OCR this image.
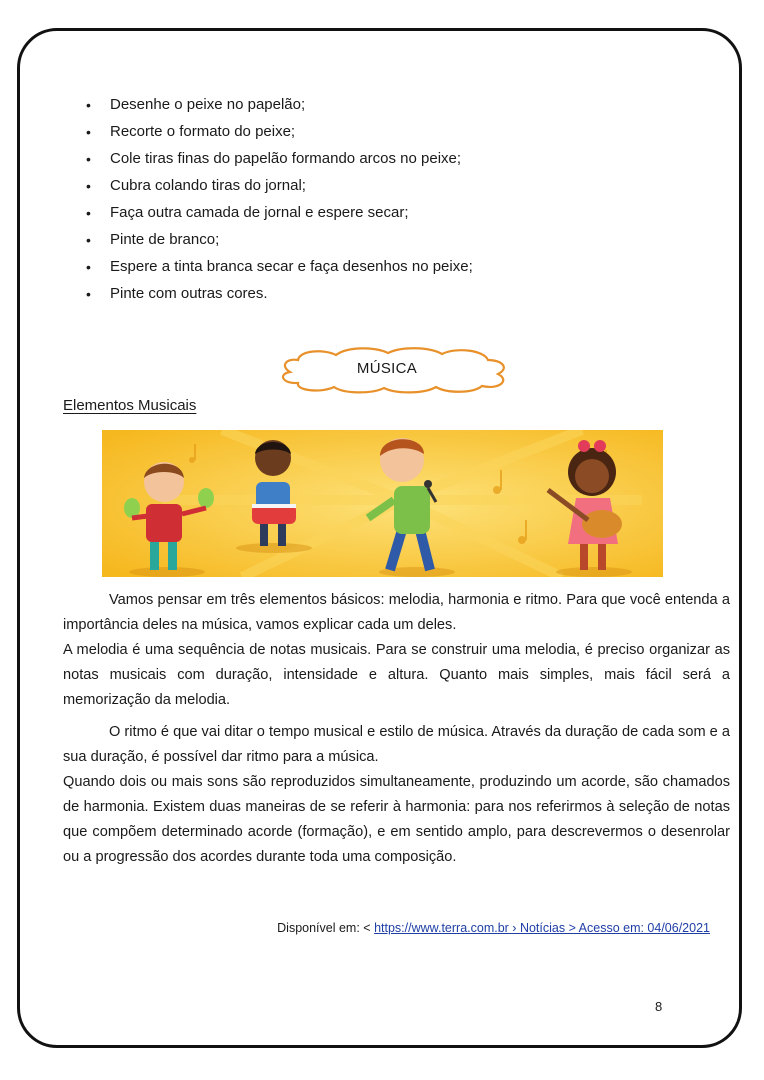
• Desenhe o peixe no papelão;
• Recorte o formato do peixe;
• Cole tiras finas do papelão formando arcos no peixe;
• Cubra colando tiras do jornal;
• Faça outra camada de jornal e espere secar;
• Pinte de branco;
• Espere a tinta branca secar e faça desenhos no peixe;
• Pinte com outras cores.
MÚSICA
Elementos Musicais

Vamos pensar em três elementos básicos: melodia, harmonia e ritmo. Para que você entenda a importância deles na música, vamos explicar cada um deles.

A melodia é uma sequência de notas musicais. Para se construir uma melodia, é preciso organizar as notas musicais com duração, intensidade e altura. Quanto mais simples, mais fácil será a memorização da melodia.

O ritmo é que vai ditar o tempo musical e estilo de música. Através da duração de cada som e a sua duração, é possível dar ritmo para a música.

Quando dois ou mais sons são reproduzidos simultaneamente, produzindo um acorde, são chamados de harmonia. Existem duas maneiras de se referir à harmonia: para nos referirmos à seleção de notas que compõem determinado acorde (formação), e em sentido amplo, para descrevermos o desenrolar ou a progressão dos acordes durante toda uma composição.

Disponível em: < https://www.terra.com.br › Notícias > Acesso em: 04/06/2021
8
